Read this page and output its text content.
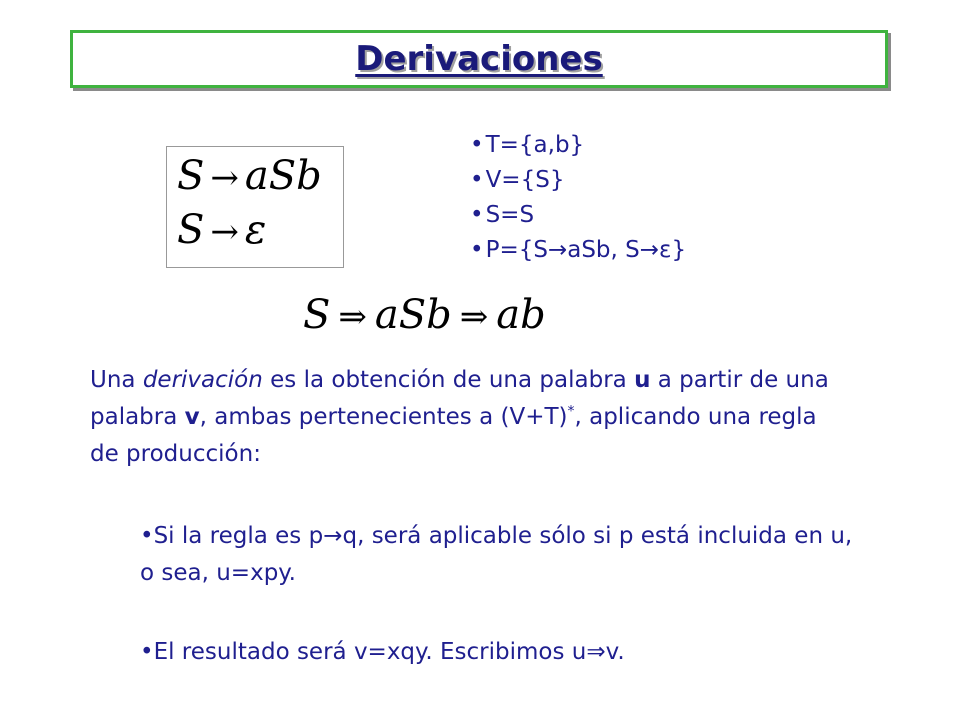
Derivaciones
S → aSb
S → ε
• T={a,b}
• V={S}
• S=S
• P={S→aSb, S→ε}
S ⇒ aSb ⇒ ab
Una derivación es la obtención de una palabra u a partir de una palabra v, ambas pertenecientes a (V+T)*, aplicando una regla de producción:
•Si la regla es p→q, será aplicable sólo si p está incluida en u, o sea, u=xpy.
•El resultado será v=xqy. Escribimos u⇒v.
